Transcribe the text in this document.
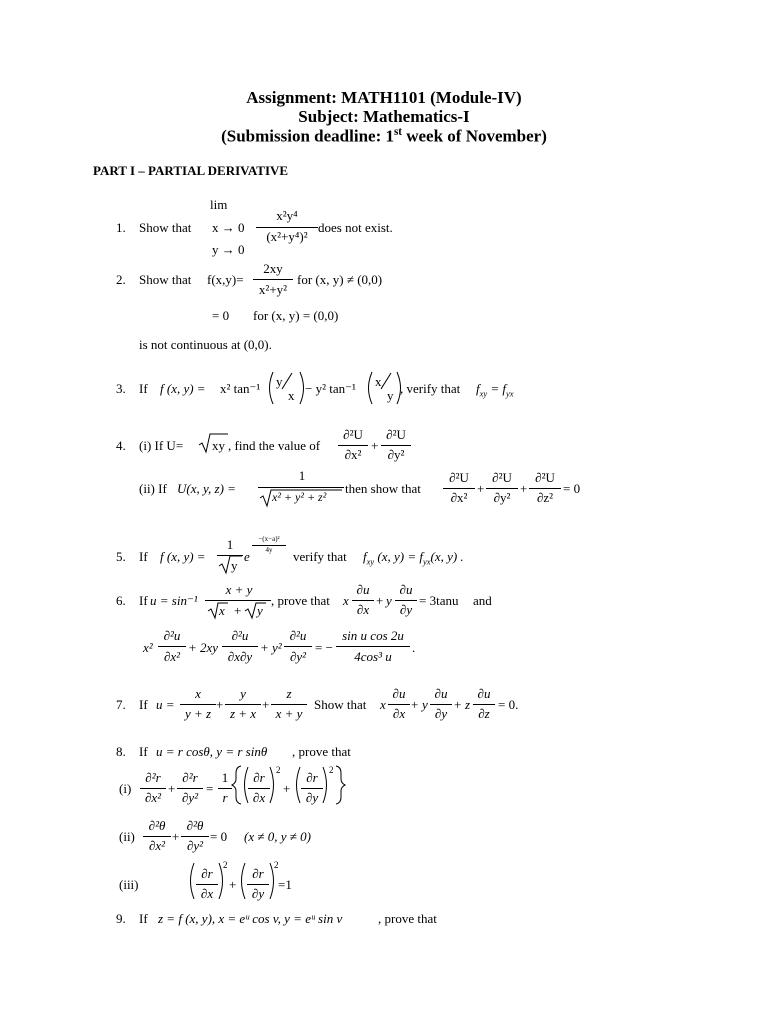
Assignment: MATH1101 (Module-IV)
Subject: Mathematics-I
(Submission deadline: 1st week of November)
PART I – PARTIAL DERIVATIVE
lim
1. Show that x → 0
y → 0
x²y⁴
(x²+y⁴)²
does not exist.
2. Show that f(x,y)=
2xy
x²+y²
for (x, y) ≠ (0,0)
= 0 for (x, y) = (0,0)
is not continuous at (0,0).
3. If f (x, y) = x² tan⁻¹ y
x − y² tan⁻¹ x
y , verify that $f_{xy} = f_{yx}$
4. (i) If U= xy , find the value of
∂²U
∂x²
+
∂²U
∂y²
(ii) If U(x, y, z) =
1
x² + y² + z²
then show that
∂²U
∂x²
+
∂²U
∂y²
+
∂²U
∂z²
= 0
5. If f (x, y) =
1
y
e
−(x−a)²
4y	verify that $f_{xy}$ (x, $y) = f_{yx}(x$, y) .
6. If u = sin⁻¹
x + y
x + y
, prove that x
∂u
∂x
+ y
∂u
∂y
= 3tanu and
x²
∂²u
∂x²
+ 2xy
∂²u
∂x∂y
+ y²
∂²u
∂y²
= −
sin u cos 2u
4cos³ u
.
7. If u =
x
y + z
+
y
z + x
+
z
x + y
Show that x
∂u
∂x
+ y
∂u
∂y
+ z
∂u
∂z
= 0.
8. If u = r cosθ, y = r sinθ , prove that
(i)
∂²r
∂x²
+
∂²r
∂y²
=
1
r
∂r
∂x
2
+
∂r
∂y
2
(ii)
∂²θ
∂x²
+
∂²θ
∂y²
= 0 (x ≠ 0, y ≠ 0)
(iii)
∂r
∂x
2
+
∂r
∂y
2
=1
9. If z = f (x, y), x = eᵘ cos v, y = eᵘ sin v	, prove that
